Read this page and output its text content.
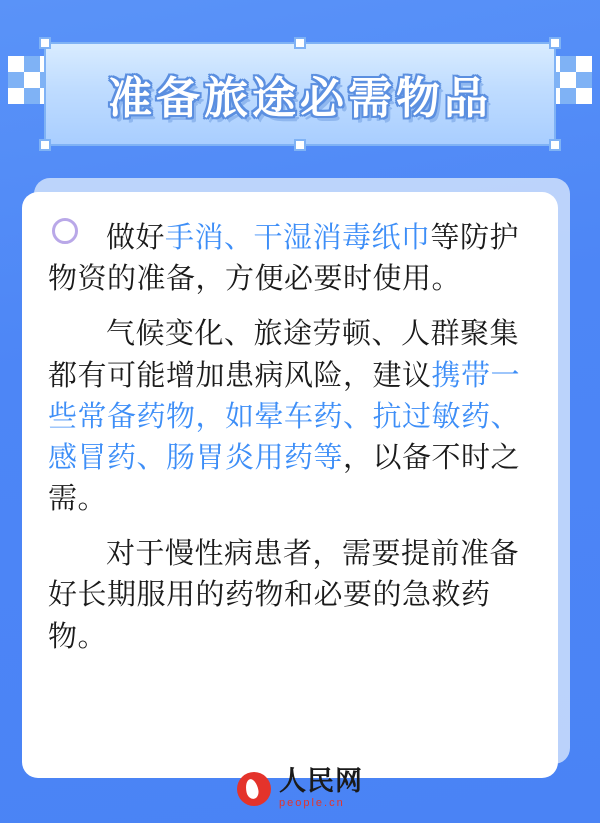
准备旅途必需物品

做好手消、干湿消毒纸巾等防护物资的准备，方便必要时使用。

气候变化、旅途劳顿、人群聚集都有可能增加患病风险，建议携带一些常备药物，如晕车药、抗过敏药、感冒药、肠胃炎用药等，以备不时之需。

对于慢性病患者，需要提前准备好长期服用的药物和必要的急救药物。

人民网
people.cn
